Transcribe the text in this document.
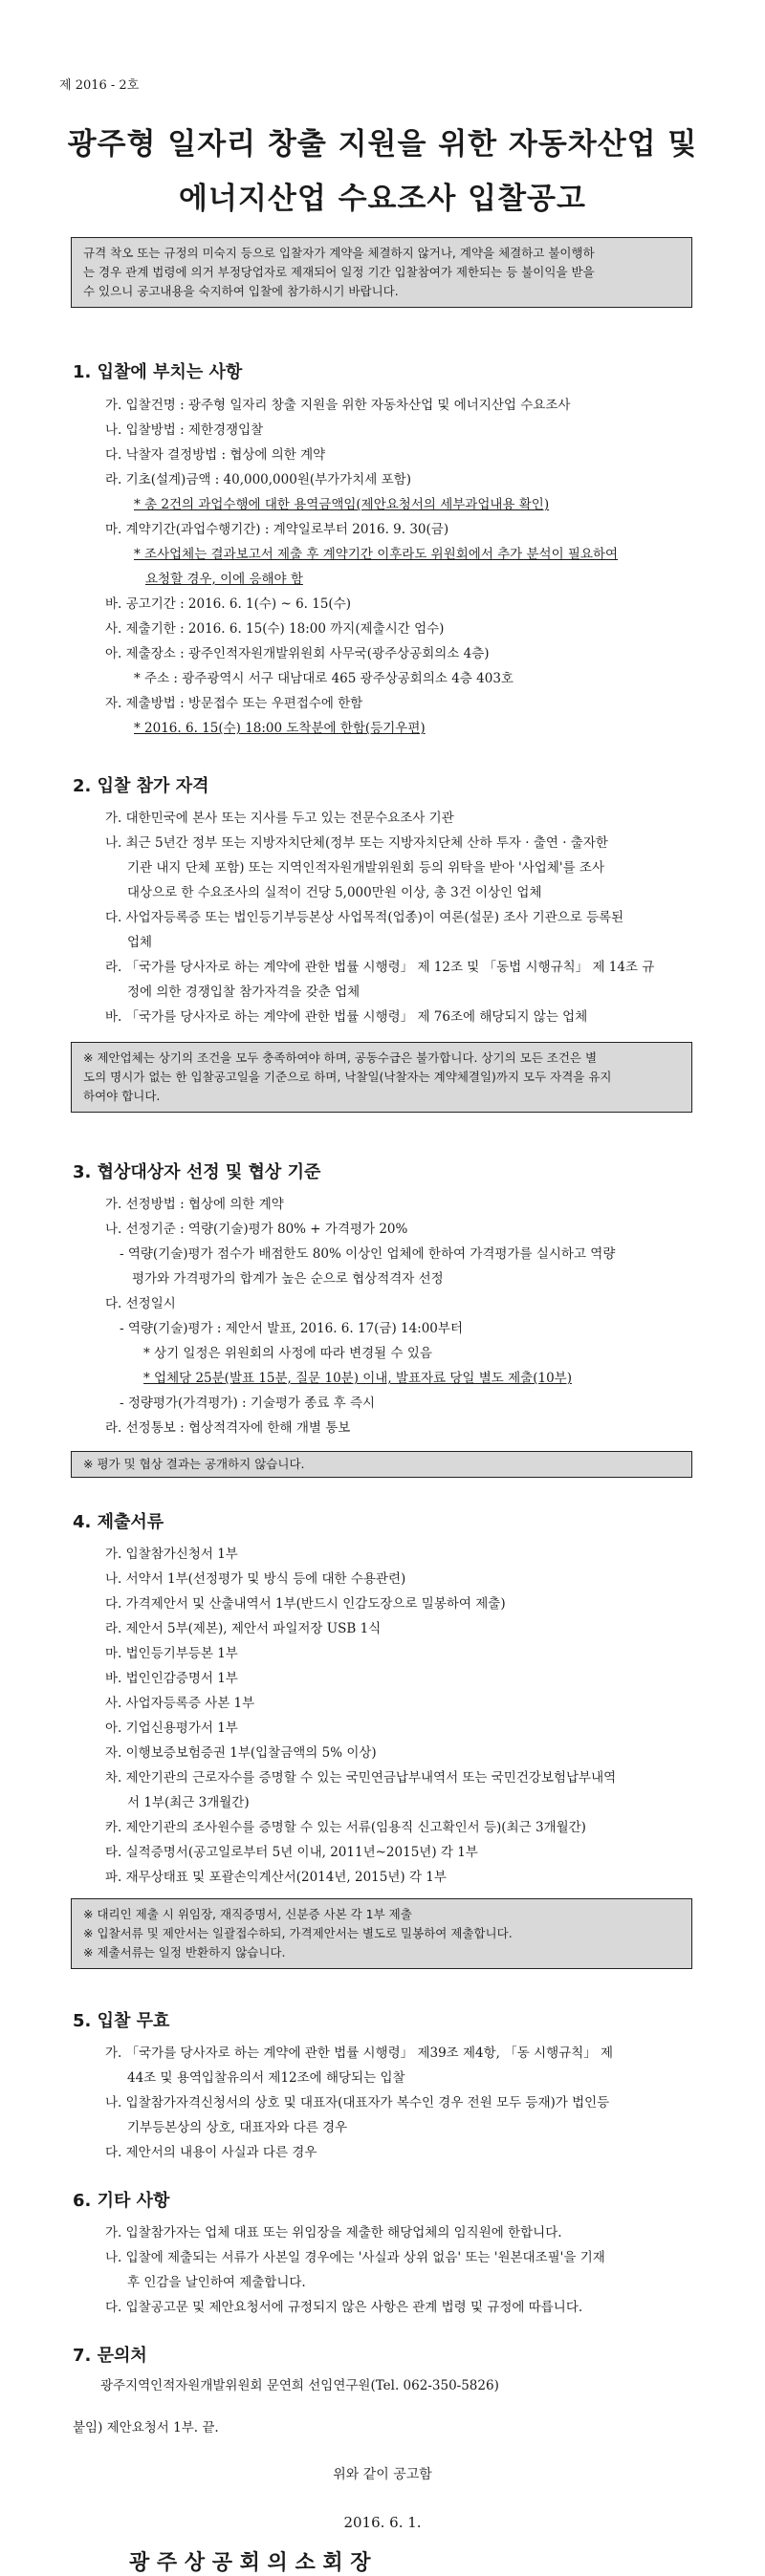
제 2016 - 2호
광주형 일자리 창출 지원을 위한 자동차산업 및
에너지산업 수요조사 입찰공고

규격 착오 또는 규정의 미숙지 등으로 입찰자가 계약을 체결하지 않거나, 계약을 체결하고 불이행하

는 경우 관계 법령에 의거 부정당업자로 제재되어 일정 기간 입찰참여가 제한되는 등 불이익을 받을

수 있으니 공고내용을 숙지하여 입찰에 참가하시기 바랍니다.

1. 입찰에 부치는 사항
가. 입찰건명 : 광주형 일자리 창출 지원을 위한 자동차산업 및 에너지산업 수요조사
나. 입찰방법 : 제한경쟁입찰
다. 낙찰자 결정방법 : 협상에 의한 계약
라. 기초(설계)금액 : 40,000,000원(부가가치세 포함)
* 총 2건의 과업수행에 대한 용역금액임(제안요청서의 세부과업내용 확인)
마. 계약기간(과업수행기간) : 계약일로부터 2016. 9. 30(금)
* 조사업체는 결과보고서 제출 후 계약기간 이후라도 위원회에서 추가 분석이 필요하여
요청할 경우, 이에 응해야 함
바. 공고기간 : 2016. 6. 1(수) ~ 6. 15(수)
사. 제출기한 : 2016. 6. 15(수) 18:00 까지(제출시간 엄수)
아. 제출장소 : 광주인적자원개발위원회 사무국(광주상공회의소 4층)
* 주소 : 광주광역시 서구 대남대로 465 광주상공회의소 4층 403호
자. 제출방법 : 방문접수 또는 우편접수에 한함
* 2016. 6. 15(수) 18:00 도착분에 한함(등기우편)
2. 입찰 참가 자격
가. 대한민국에 본사 또는 지사를 두고 있는 전문수요조사 기관
나. 최근 5년간 정부 또는 지방자치단체(정부 또는 지방자치단체 산하 투자 · 출연 · 출자한
기관 내지 단체 포함) 또는 지역인적자원개발위원회 등의 위탁을 받아 '사업체'를 조사
대상으로 한 수요조사의 실적이 건당 5,000만원 이상, 총 3건 이상인 업체
다. 사업자등록증 또는 법인등기부등본상 사업목적(업종)이 여론(설문) 조사 기관으로 등록된
업체
라. 「국가를 당사자로 하는 계약에 관한 법률 시행령」 제 12조 및 「동법 시행규칙」 제 14조 규
정에 의한 경쟁입찰 참가자격을 갖춘 업체
바. 「국가를 당사자로 하는 계약에 관한 법률 시행령」 제 76조에 해당되지 않는 업체

※ 제안업체는 상기의 조건을 모두 충족하여야 하며, 공동수급은 불가합니다. 상기의 모든 조건은 별

도의 명시가 없는 한 입찰공고일을 기준으로 하며, 낙찰일(낙찰자는 계약체결일)까지 모두 자격을 유지

하여야 합니다.

3. 협상대상자 선정 및 협상 기준
가. 선정방법 : 협상에 의한 계약
나. 선정기준 : 역량(기술)평가 80% + 가격평가 20%
- 역량(기술)평가 점수가 배점한도 80% 이상인 업체에 한하여 가격평가를 실시하고 역량
평가와 가격평가의 합계가 높은 순으로 협상적격자 선정
다. 선정일시
- 역량(기술)평가 : 제안서 발표, 2016. 6. 17(금) 14:00부터
* 상기 일정은 위원회의 사정에 따라 변경될 수 있음
* 업체당 25분(발표 15분, 질문 10분) 이내, 발표자료 당일 별도 제출(10부)
- 정량평가(가격평가) : 기술평가 종료 후 즉시
라. 선정통보 : 협상적격자에 한해 개별 통보

※ 평가 및 협상 결과는 공개하지 않습니다.

4. 제출서류
가. 입찰참가신청서 1부
나. 서약서 1부(선정평가 및 방식 등에 대한 수용관련)
다. 가격제안서 및 산출내역서 1부(반드시 인감도장으로 밀봉하여 제출)
라. 제안서 5부(제본), 제안서 파일저장 USB 1식
마. 법인등기부등본 1부
바. 법인인감증명서 1부
사. 사업자등록증 사본 1부
아. 기업신용평가서 1부
자. 이행보증보험증권 1부(입찰금액의 5% 이상)
차. 제안기관의 근로자수를 증명할 수 있는 국민연금납부내역서 또는 국민건강보험납부내역
서 1부(최근 3개월간)
카. 제안기관의 조사원수를 증명할 수 있는 서류(임용직 신고확인서 등)(최근 3개월간)
타. 실적증명서(공고일로부터 5년 이내, 2011년~2015년) 각 1부
파. 재무상태표 및 포괄손익계산서(2014년, 2015년) 각 1부

※ 대리인 제출 시 위임장, 재직증명서, 신분증 사본 각 1부 제출

※ 입찰서류 및 제안서는 일괄접수하되, 가격제안서는 별도로 밀봉하여 제출합니다.

※ 제출서류는 일정 반환하지 않습니다.

5. 입찰 무효
가. 「국가를 당사자로 하는 계약에 관한 법률 시행령」 제39조 제4항, 「동 시행규칙」 제
44조 및 용역입찰유의서 제12조에 해당되는 입찰
나. 입찰참가자격신청서의 상호 및 대표자(대표자가 복수인 경우 전원 모두 등재)가 법인등
기부등본상의 상호, 대표자와 다른 경우
다. 제안서의 내용이 사실과 다른 경우
6. 기타 사항
가. 입찰참가자는 업체 대표 또는 위임장을 제출한 해당업체의 임직원에 한합니다.
나. 입찰에 제출되는 서류가 사본일 경우에는 '사실과 상위 없음' 또는 '원본대조필'을 기재
후 인감을 날인하여 제출합니다.
다. 입찰공고문 및 제안요청서에 규정되지 않은 사항은 관계 법령 및 규정에 따릅니다.
7. 문의처
광주지역인적자원개발위원회 문연희 선임연구원(Tel. 062-350-5826)
붙임) 제안요청서 1부. 끝.
위와 같이 공고함
2016. 6. 1.
광 주 상 공 회 의 소 회 장
